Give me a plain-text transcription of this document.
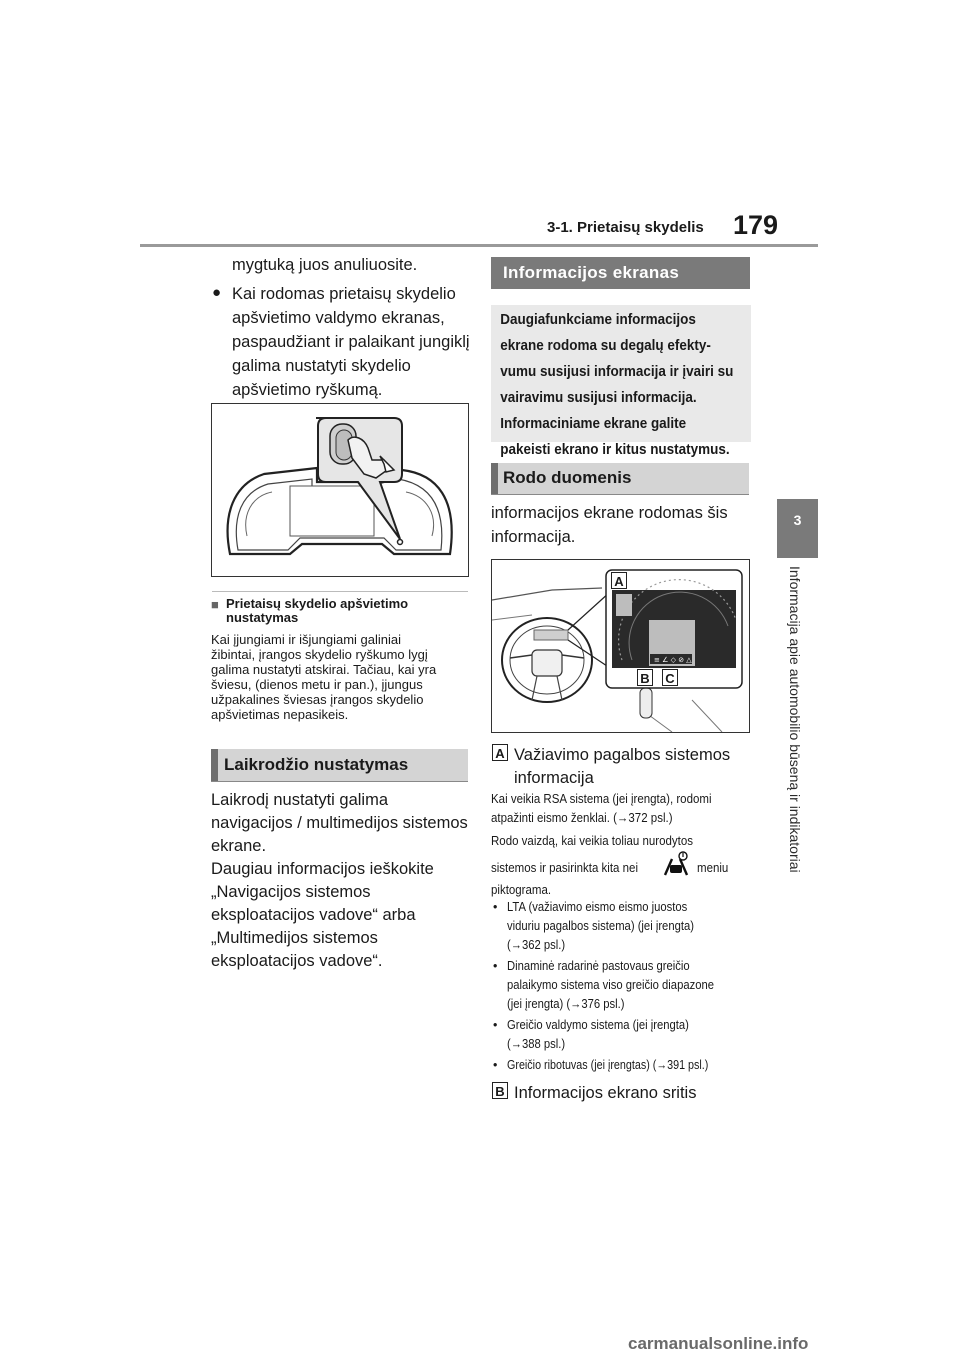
3-1. Prietaisų skydelis 179
3
Informacija apie automobilio būseną ir indikatoriai
mygtuką juos anuliuosite.
● Kai rodomas prietaisų skydelio
apšvietimo valdymo ekranas,
paspaudžiant ir palaikant jungiklį
galima nustatyti skydelio
apšvietimo ryškumą.
■ Prietaisų skydelio apšvietimo
nustatymas
Kai įjungiami ir išjungiami galiniai
žibintai, įrangos skydelio ryškumo lygį
galima nustatyti atskirai. Tačiau, kai yra
šviesu, (dienos metu ir pan.), įjungus
užpakalines šviesas įrangos skydelio
apšvietimas nepasikeis.
Laikrodžio nustatymas
Laikrodį nustatyti galima
navigacijos / multimedijos sistemos
ekrane.
Daugiau informacijos ieškokite
„Navigacijos sistemos
eksploatacijos vadove“ arba
„Multimedijos sistemos
eksploatacijos vadove“.
Informacijos ekranas

Daugiafunkciame informacijos

ekrane rodoma su degalų efekty-

vumu susijusi informacija ir įvairi su

vairavimu susijusi informacija.

Informaciniame ekrane galite

pakeisti ekrano ir kitus nustatymus.

Rodo duomenis
informacijos ekrane rodomas šis
informacija.
≡ ∠ ◇ ⊘ △
A
B C
A Važiavimo pagalbos sistemos
informacija
Kai veikia RSA sistema (jei įrengta), rodomi
atpažinti eismo ženklai. (→372 psl.)
Rodo vaizdą, kai veikia toliau nurodytos
sistemos ir pasirinkta kita nei	meniu
piktograma.
• LTA (važiavimo eismo eismo juostos
viduriu pagalbos sistema) (jei įrengta)
(→362 psl.)
• Dinaminė radarinė pastovaus greičio
palaikymo sistema viso greičio diapazone
(jei įrengta) (→376 psl.)
• Greičio valdymo sistema (jei įrengta)
(→388 psl.)
• Greičio ribotuvas (jei įrengtas) (→391 psl.)
B Informacijos ekrano sritis
carmanualsonline.info
